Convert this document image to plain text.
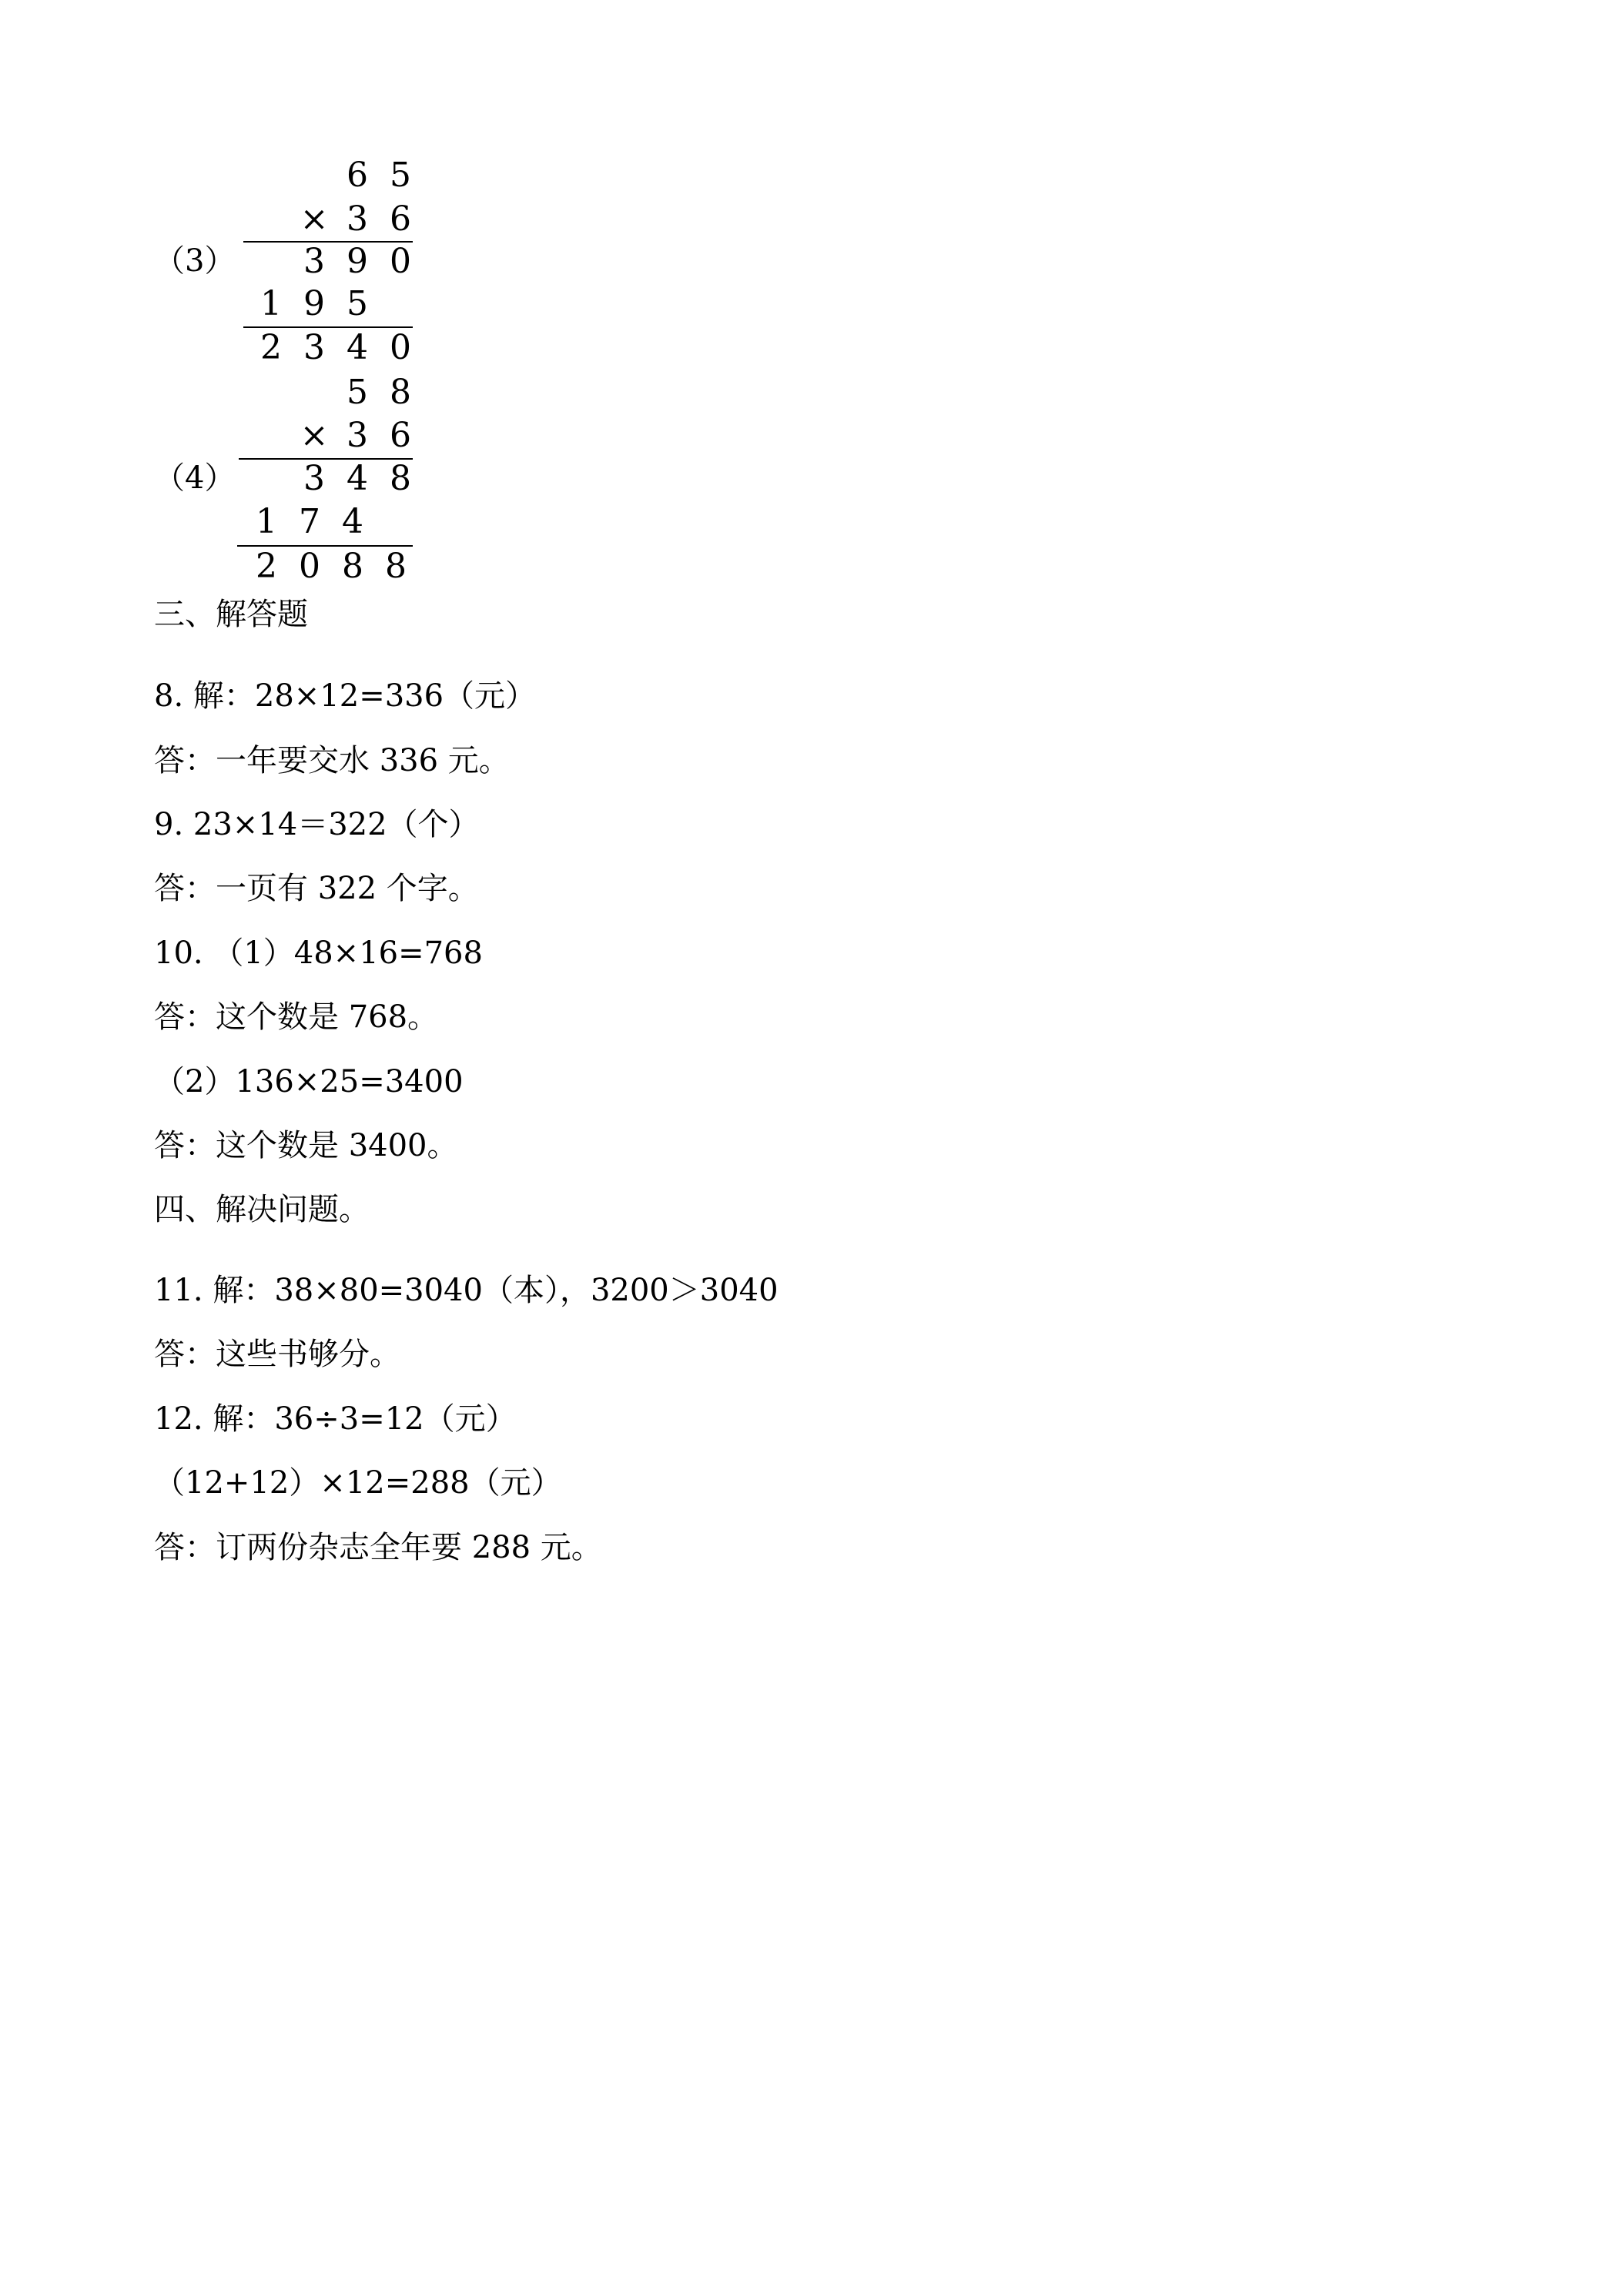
（3）
6 5
× 3 6
3 9 0
1 9 5
2 3 4 0
（4）
5 8
× 3 6
3 4 8
1 7 4
2 0 8 8
三、解答题
8. 解：28×12=336（元）
答：一年要交水 336 元。
9. 23×14＝322（个）
答：一页有 322 个字。
10. （1）48×16=768
答：这个数是 768。
（2）136×25=3400
答：这个数是 3400。
四、解决问题。
11. 解：38×80=3040（本），3200＞3040
答：这些书够分。
12. 解：36÷3=12（元）
（12+12）×12=288（元）
答：订两份杂志全年要 288 元。
